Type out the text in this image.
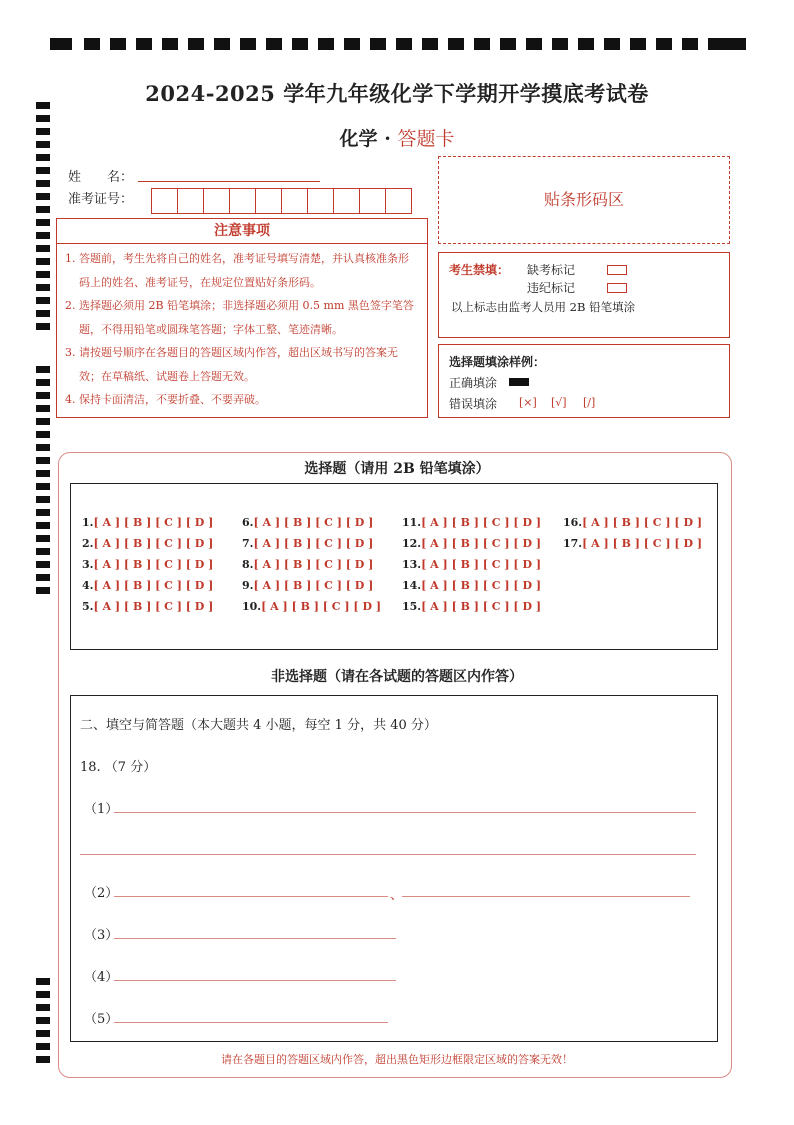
2024-2025 学年九年级化学下学期开学摸底考试卷
化学 · 答题卡
姓　　名：
准考证号：	贴条形码区
注意事项

1. 答题前，考生先将自己的姓名，准考证号填写清楚，并认真核准条形码上的姓名、准考证号，在规定位置贴好条形码。

2. 选择题必须用 2B 铅笔填涂；非选择题必须用 0.5 mm 黑色签字笔答题，不得用铅笔或圆珠笔答题；字体工整、笔迹清晰。

3. 请按题号顺序在各题目的答题区域内作答，超出区域书写的答案无效；在草稿纸、试题卷上答题无效。

4. 保持卡面清洁，不要折叠、不要弄破。

考生禁填： 缺考标记
违纪标记
以上标志由监考人员用 2B 铅笔填涂
选择题填涂样例：
正确填涂
错误填涂 [×] [√] [/]
选择题（请用 2B 铅笔填涂）
1.[ A ] [ B ] [ C ] [ D ]
2.[ A ] [ B ] [ C ] [ D ]
3.[ A ] [ B ] [ C ] [ D ]
4.[ A ] [ B ] [ C ] [ D ]
5.[ A ] [ B ] [ C ] [ D ]
6.[ A ] [ B ] [ C ] [ D ]
7.[ A ] [ B ] [ C ] [ D ]
8.[ A ] [ B ] [ C ] [ D ]
9.[ A ] [ B ] [ C ] [ D ]
10.[ A ] [ B ] [ C ] [ D ]
11.[ A ] [ B ] [ C ] [ D ]
12.[ A ] [ B ] [ C ] [ D ]
13.[ A ] [ B ] [ C ] [ D ]
14.[ A ] [ B ] [ C ] [ D ]
15.[ A ] [ B ] [ C ] [ D ]
16.[ A ] [ B ] [ C ] [ D ]
17.[ A ] [ B ] [ C ] [ D ]
非选择题（请在各试题的答题区内作答）
二、填空与简答题（本大题共 4 小题，每空 1 分，共 40 分）
18. （7 分）
（1）
（2）	、
（3）
（4）
（5）
请在各题目的答题区域内作答，超出黑色矩形边框限定区域的答案无效！
